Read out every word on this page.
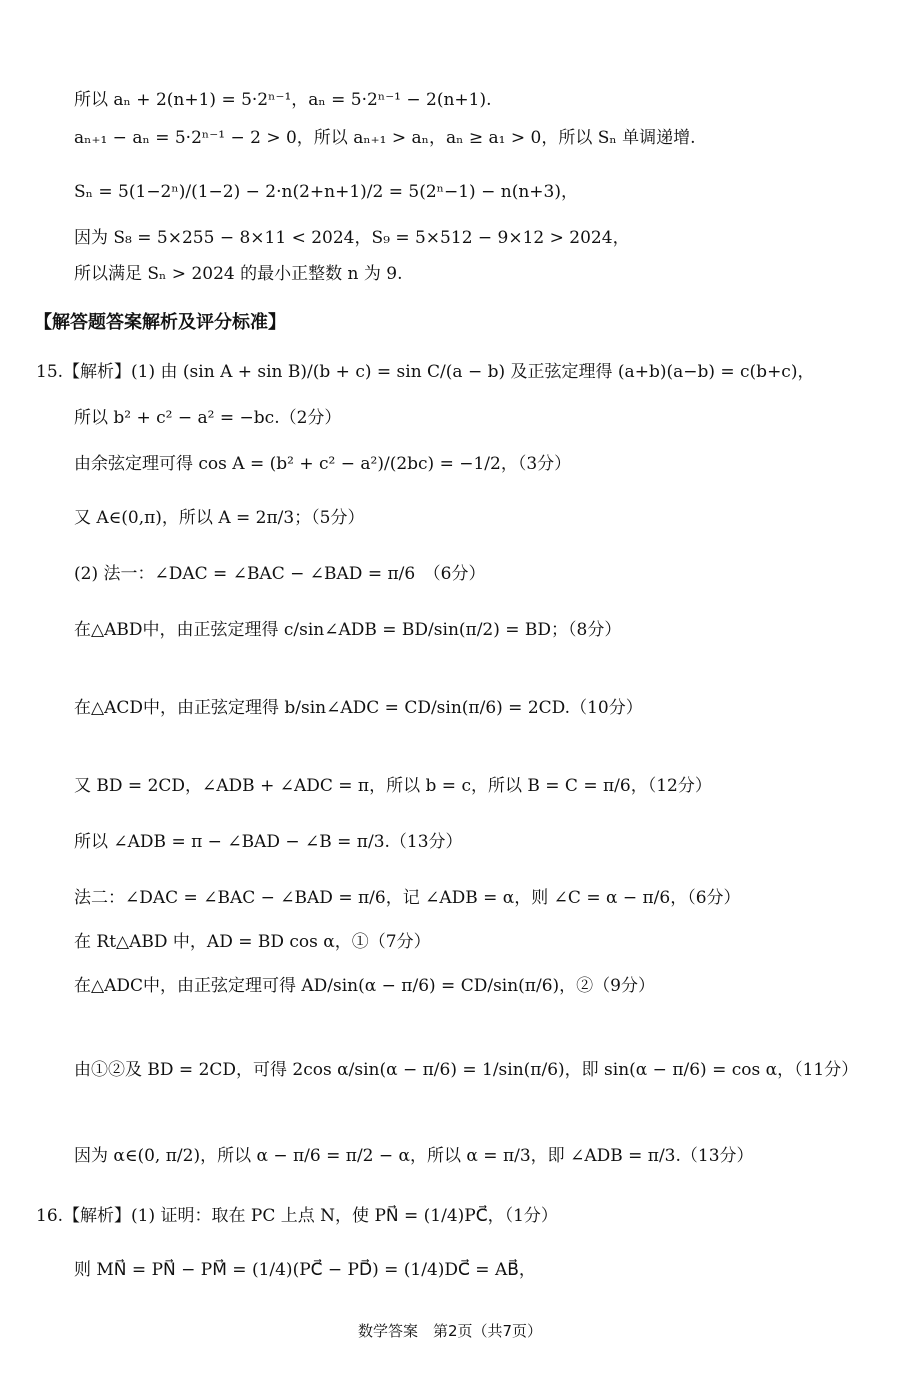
所以 aₙ + 2(n+1) = 5·2ⁿ⁻¹，aₙ = 5·2ⁿ⁻¹ − 2(n+1).
aₙ₊₁ − aₙ = 5·2ⁿ⁻¹ − 2 > 0，所以 aₙ₊₁ > aₙ，aₙ ≥ a₁ > 0，所以 Sₙ 单调递增.
Sₙ = 5(1−2ⁿ)/(1−2) − 2·n(2+n+1)/2 = 5(2ⁿ−1) − n(n+3)，
因为 S₈ = 5×255 − 8×11 < 2024，S₉ = 5×512 − 9×12 > 2024，
所以满足 Sₙ > 2024 的最小正整数 n 为 9.
【解答题答案解析及评分标准】
15.【解析】(1) 由 (sin A + sin B)/(b + c) = sin C/(a − b) 及正弦定理得 (a+b)(a−b) = c(b+c)，
所以 b² + c² − a² = −bc.（2分）
由余弦定理可得 cos A = (b² + c² − a²)/(2bc) = −1/2，（3分）
又 A∈(0,π)，所以 A = 2π/3；（5分）
(2) 法一：∠DAC = ∠BAC − ∠BAD = π/6　（6分）
在△ABD中，由正弦定理得 c/sin∠ADB = BD/sin(π/2) = BD；（8分）
在△ACD中，由正弦定理得 b/sin∠ADC = CD/sin(π/6) = 2CD.（10分）
又 BD = 2CD，∠ADB + ∠ADC = π，所以 b = c，所以 B = C = π/6，（12分）
所以 ∠ADB = π − ∠BAD − ∠B = π/3.（13分）
法二：∠DAC = ∠BAC − ∠BAD = π/6，记 ∠ADB = α，则 ∠C = α − π/6，（6分）
在 Rt△ABD 中，AD = BD cos α，①（7分）
在△ADC中，由正弦定理可得 AD/sin(α − π/6) = CD/sin(π/6)，②（9分）
由①②及 BD = 2CD，可得 2cos α/sin(α − π/6) = 1/sin(π/6)，即 sin(α − π/6) = cos α，（11分）
因为 α∈(0, π/2)，所以 α − π/6 = π/2 − α，所以 α = π/3，即 ∠ADB = π/3.（13分）
16.【解析】(1) 证明：取在 PC 上点 N，使 PN⃗ = (1/4)PC⃗，（1分）
则 MN⃗ = PN⃗ − PM⃗ = (1/4)(PC⃗ − PD⃗) = (1/4)DC⃗ = AB⃗，
数学答案　第2页（共7页）
